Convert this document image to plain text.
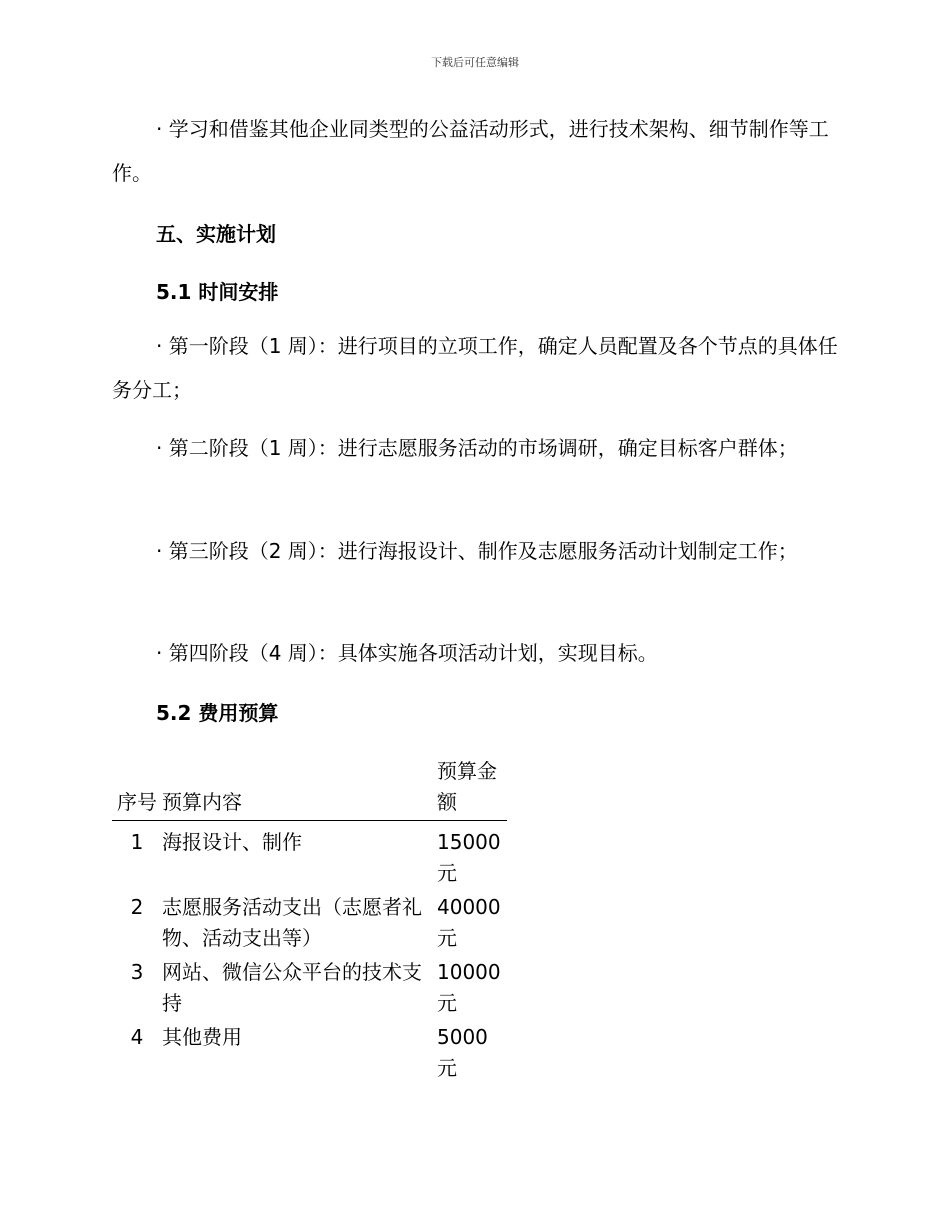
下载后可任意编辑
· 学习和借鉴其他企业同类型的公益活动形式，进行技术架构、细节制作等工作。
五、实施计划
5.1 时间安排
· 第一阶段（1 周）：进行项目的立项工作，确定人员配置及各个节点的具体任务分工；
· 第二阶段（1 周）：进行志愿服务活动的市场调研，确定目标客户群体；
· 第三阶段（2 周）：进行海报设计、制作及志愿服务活动计划制定工作；
· 第四阶段（4 周）：具体实施各项活动计划，实现目标。
5.2 费用预算
序号	预算内容	预算金额
1	海报设计、制作	15000 元
2	志愿服务活动支出（志愿者礼物、活动支出等）	40000 元
3	网站、微信公众平台的技术支持	10000 元
4	其他费用	5000 元
